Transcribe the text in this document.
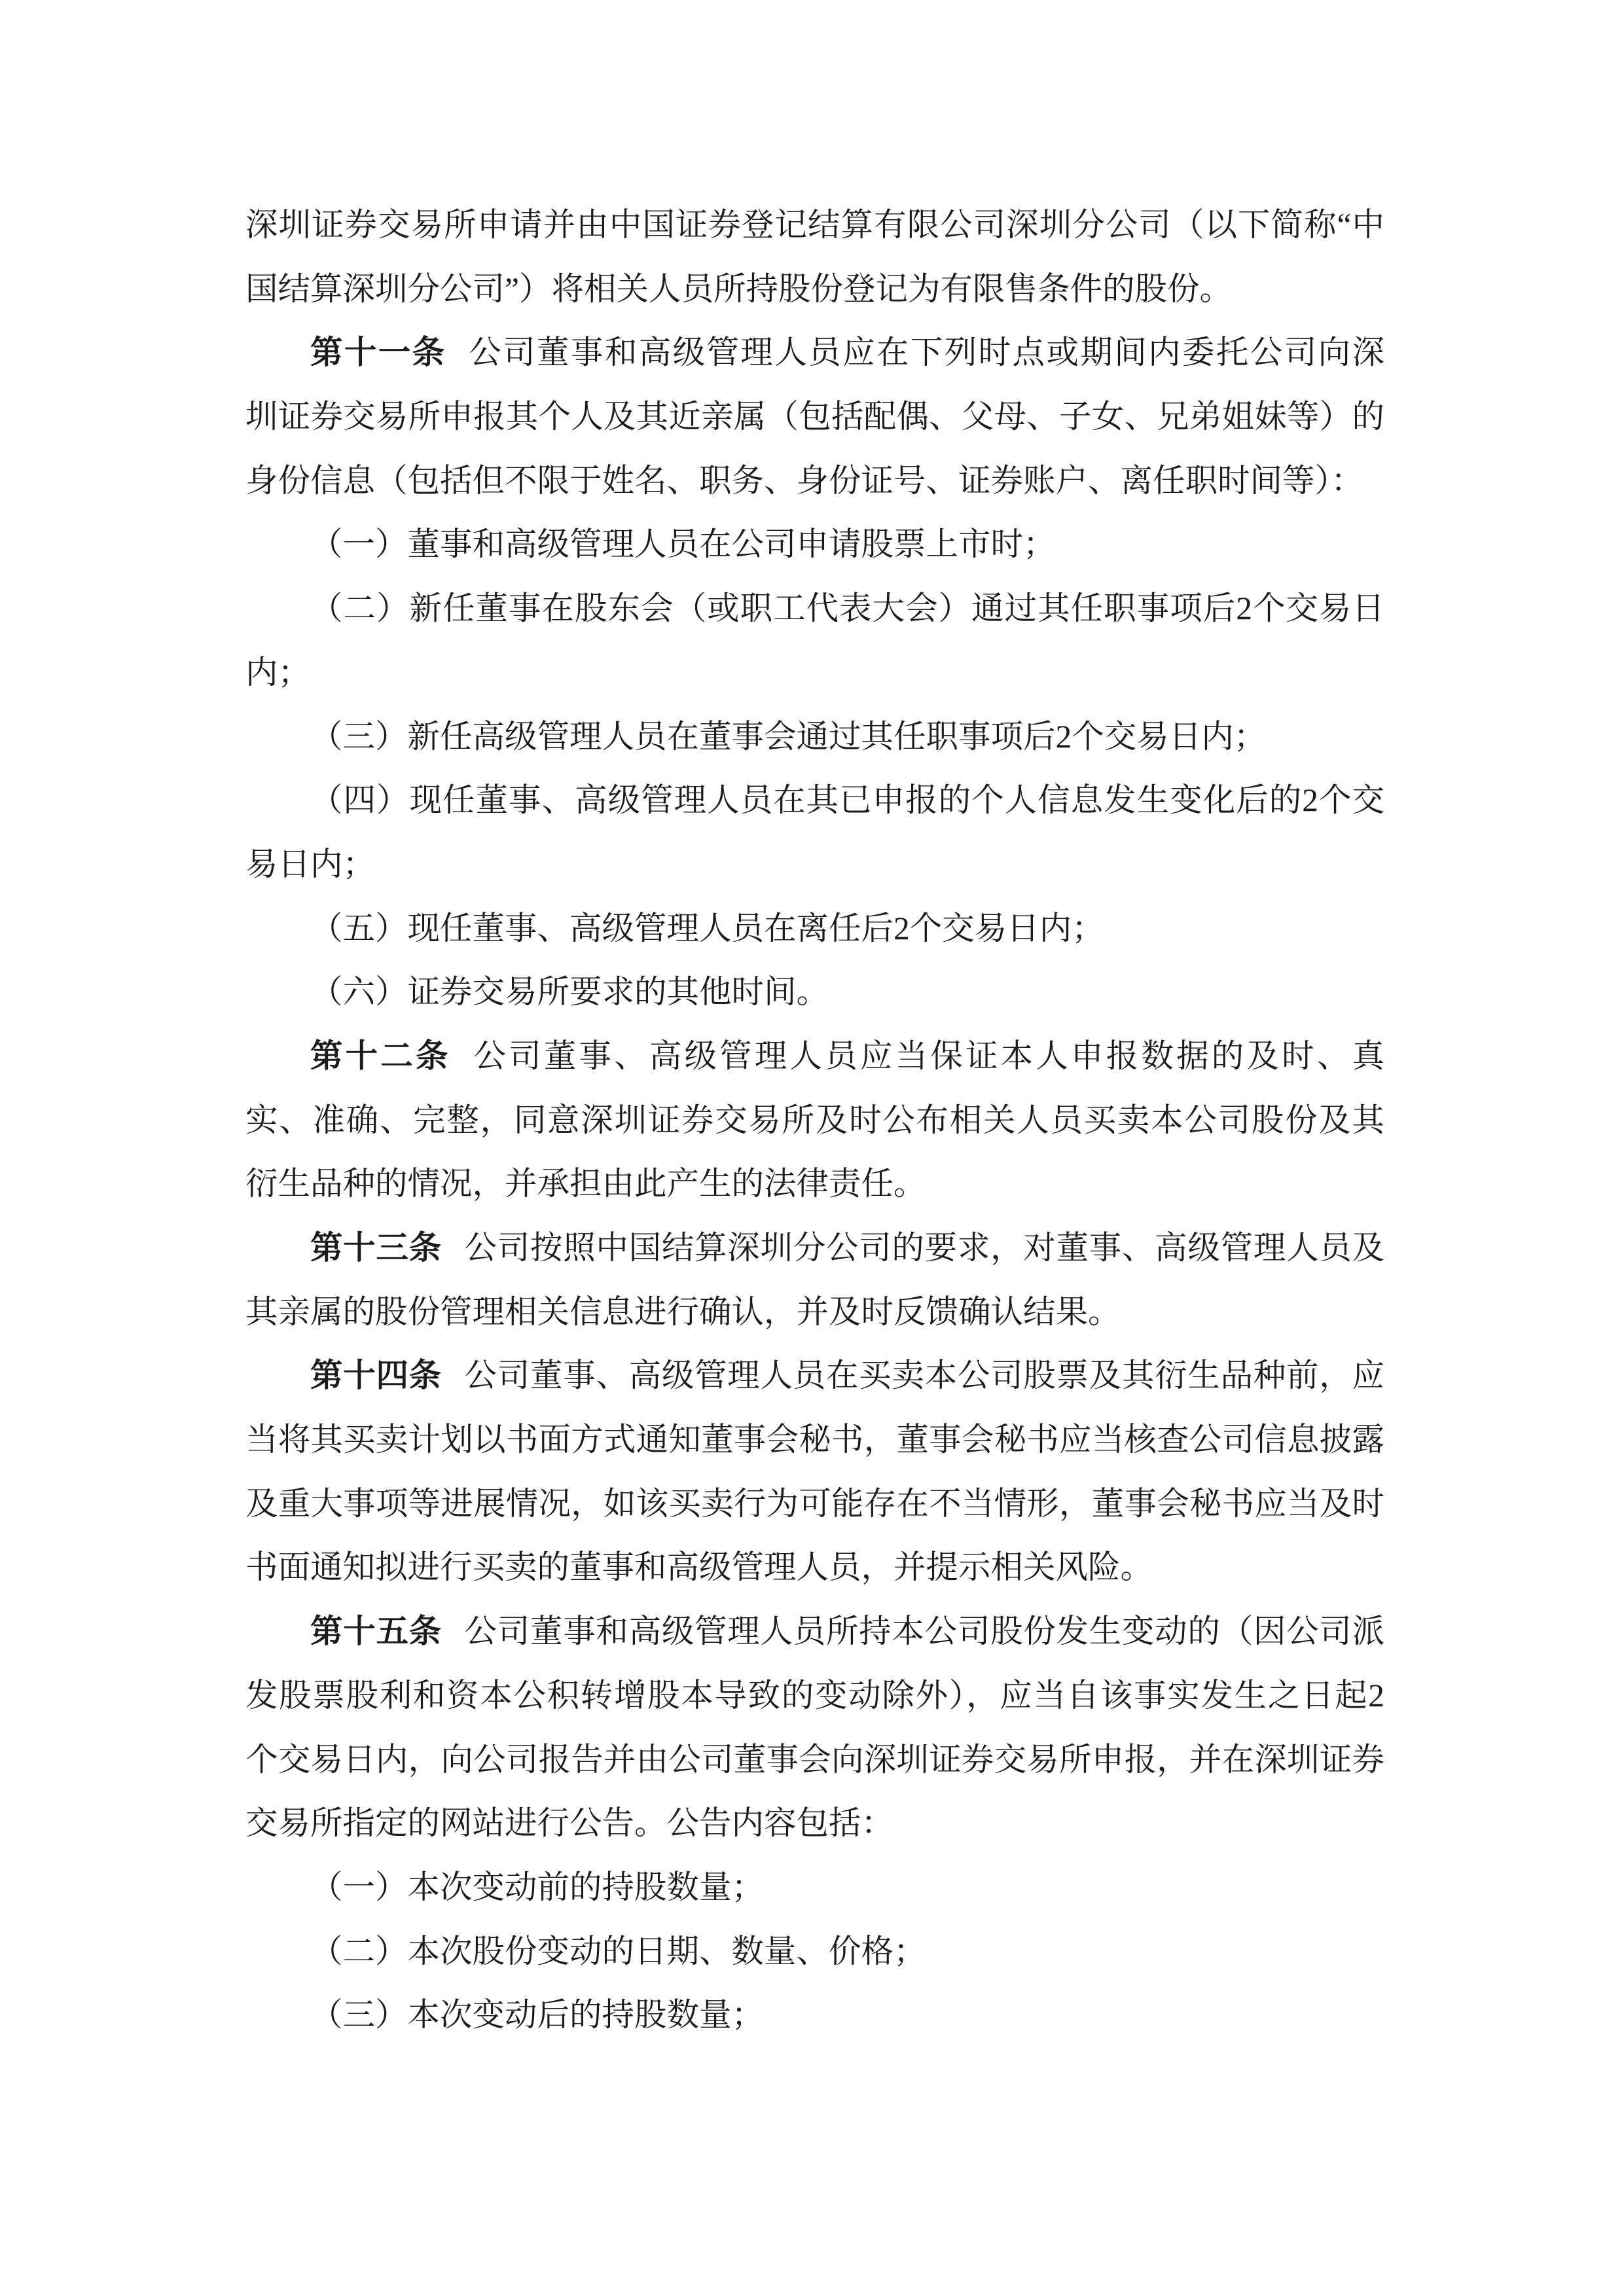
深圳证券交易所申请并由中国证券登记结算有限公司深圳分公司（以下简称“中
国结算深圳分公司”）将相关人员所持股份登记为有限售条件的股份。
第十一条 公司董事和高级管理人员应在下列时点或期间内委托公司向深
圳证券交易所申报其个人及其近亲属（包括配偶、父母、子女、兄弟姐妹等）的
身份信息（包括但不限于姓名、职务、身份证号、证券账户、离任职时间等）：
（一）董事和高级管理人员在公司申请股票上市时；
（二）新任董事在股东会（或职工代表大会）通过其任职事项后2个交易日
内；
（三）新任高级管理人员在董事会通过其任职事项后2个交易日内；
（四）现任董事、高级管理人员在其已申报的个人信息发生变化后的2个交
易日内；
（五）现任董事、高级管理人员在离任后2个交易日内；
（六）证券交易所要求的其他时间。
第十二条 公司董事、高级管理人员应当保证本人申报数据的及时、真
实、准确、完整，同意深圳证券交易所及时公布相关人员买卖本公司股份及其
衍生品种的情况，并承担由此产生的法律责任。
第十三条 公司按照中国结算深圳分公司的要求，对董事、高级管理人员及
其亲属的股份管理相关信息进行确认，并及时反馈确认结果。
第十四条 公司董事、高级管理人员在买卖本公司股票及其衍生品种前，应
当将其买卖计划以书面方式通知董事会秘书，董事会秘书应当核查公司信息披露
及重大事项等进展情况，如该买卖行为可能存在不当情形，董事会秘书应当及时
书面通知拟进行买卖的董事和高级管理人员，并提示相关风险。
第十五条 公司董事和高级管理人员所持本公司股份发生变动的（因公司派
发股票股利和资本公积转增股本导致的变动除外），应当自该事实发生之日起2
个交易日内，向公司报告并由公司董事会向深圳证券交易所申报，并在深圳证券
交易所指定的网站进行公告。公告内容包括：
（一）本次变动前的持股数量；
（二）本次股份变动的日期、数量、价格；
（三）本次变动后的持股数量；
